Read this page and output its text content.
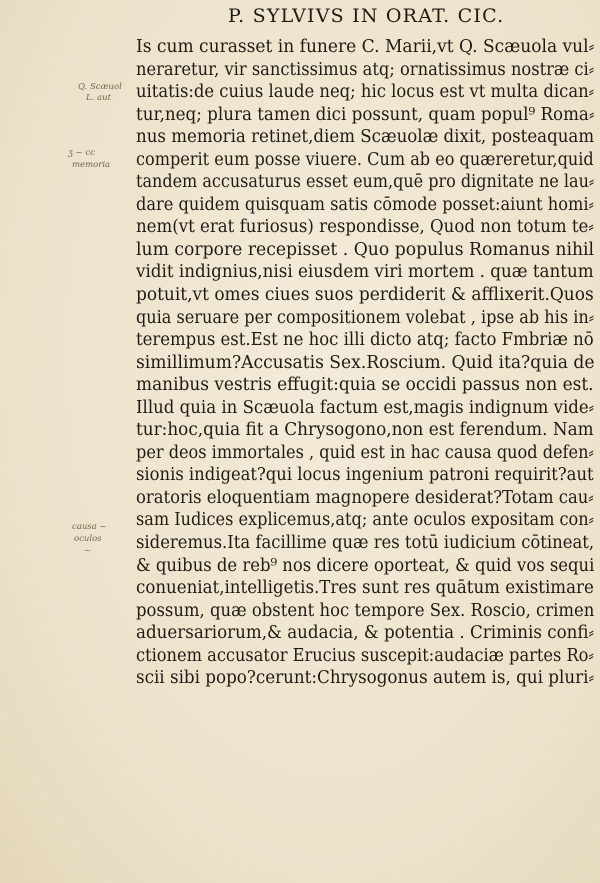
P. SYLVIVS IN ORAT. CIC.
Q. Scæuol
L. aut
ʒ ~ cc
memoria
causa ~
oculos
~
Is cum curasset in funere C. Marii,vt Q. Scæuola vul⸗
neraretur, vir sanctissimus atq; ornatissimus nostræ ci⸗
uitatis:de cuius laude neq; hic locus est vt multa dican⸗
tur,neq; plura tamen dici possunt, quam popul⁹ Roma⸗
nus memoria retinet,diem Scæuolæ dixit, posteaquam
comperit eum posse viuere. Cum ab eo quæreretur,quid
tandem accusaturus esset eum,quē pro dignitate ne lau⸗
dare quidem quisquam satis cōmode posset:aiunt homi⸗
nem(vt erat furiosus) respondisse, Quod non totum te⸗
lum corpore recepisset . Quo populus Romanus nihil
vidit indignius,nisi eiusdem viri mortem . quæ tantum
potuit,vt omes ciues suos perdiderit & afflixerit.Quos
quia seruare per compositionem volebat , ipse ab his in⸗
terempus est.Est ne hoc illi dicto atq; facto Fmbriæ nō
simillimum?Accusatis Sex.Roscium. Quid ita?quia de
manibus vestris effugit:quia se occidi passus non est.
Illud quia in Scæuola factum est,magis indignum vide⸗
tur:hoc,quia fit a Chrysogono,non est ferendum. Nam
per deos immortales , quid est in hac causa quod defen⸗
sionis indigeat?qui locus ingenium patroni requirit?aut
oratoris eloquentiam magnopere desiderat?Totam cau⸗
sam Iudices explicemus,atq; ante oculos expositam con⸗
sideremus.Ita facillime quæ res totū iudicium cōtineat,
& quibus de reb⁹ nos dicere oporteat, & quid vos sequi
conueniat,intelligetis.Tres sunt res quātum existimare
possum, quæ obstent hoc tempore Sex. Roscio, crimen
aduersariorum,& audacia, & potentia . Criminis confi⸗
ctionem accusator Erucius suscepit:audaciæ partes Ro⸗
scii sibi popo?cerunt:Chrysogonus autem is, qui pluri⸗
